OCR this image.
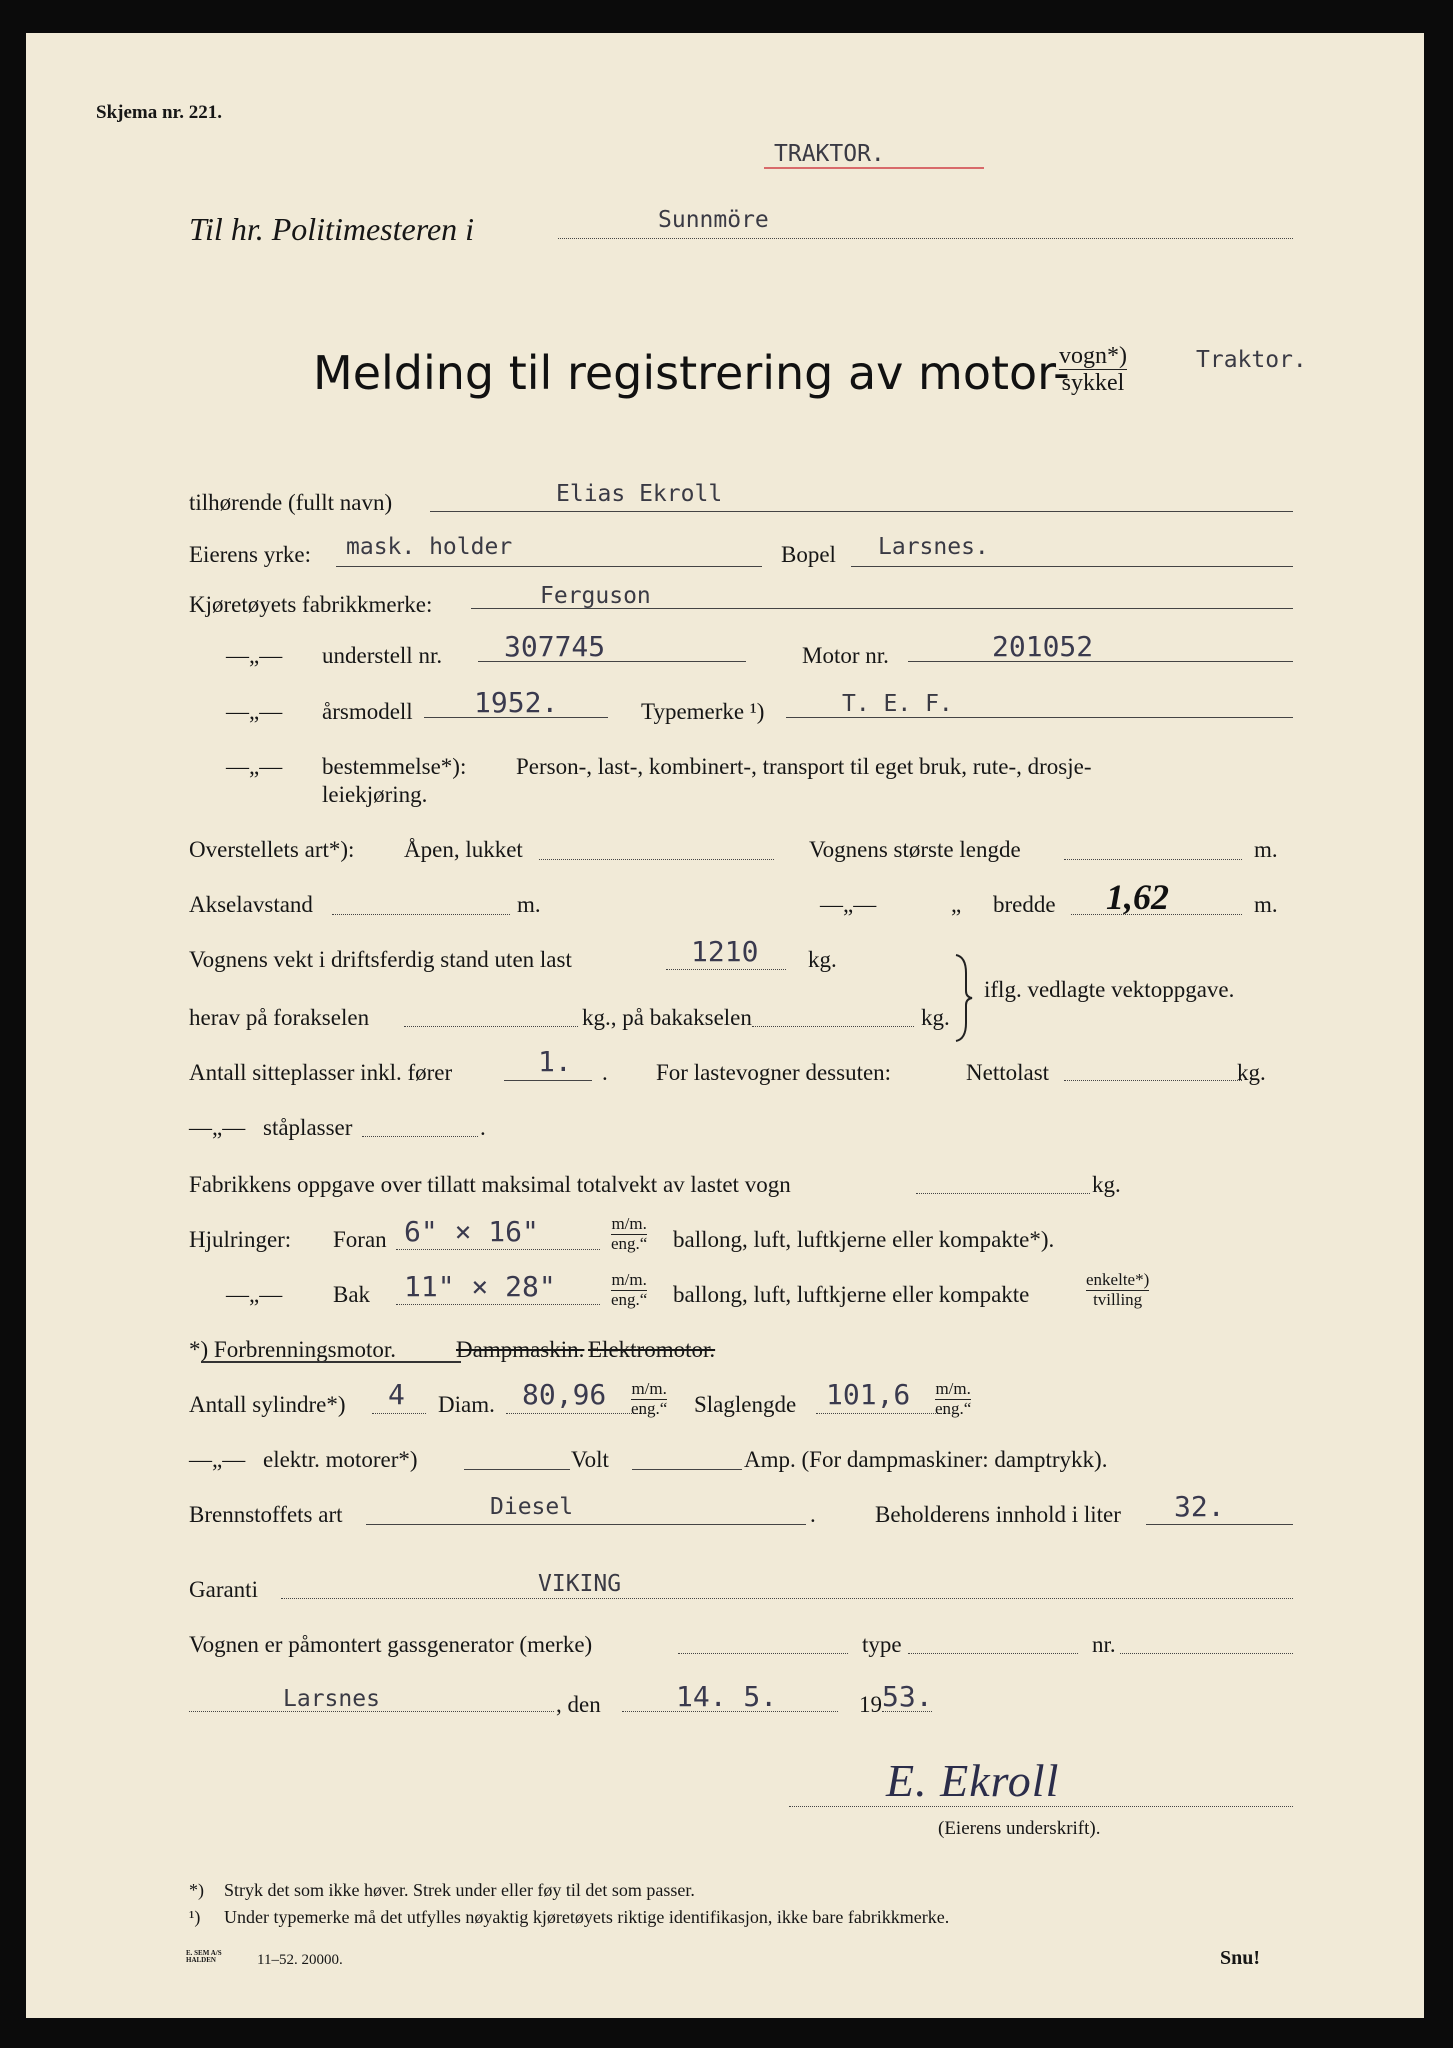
Skjema nr. 221.
TRAKTOR.
Til hr. Politimesteren i	Sunnmöre
Melding til registrering av motor-
vogn*)
sykkel
Traktor.
tilhørende (fullt navn)	Elias Ekroll
Eierens yrke: mask. holder	Bopel Larsnes.
Kjøretøyets fabrikkmerke:	Ferguson
—„— understell nr. 307745	Motor nr.	201052
—„— årsmodell 1952.	Typemerke ¹)	T. E. F.
—„— bestemmelse*): Person-, last-, kombinert-, transport til eget bruk, rute-, drosje-
leiekjøring.
Overstellets art*): Åpen, lukket	Vognens største lengde	m.
Akselavstand	m.	—„—	„ bredde 1,62	m.
Vognens vekt i driftsferdig stand uten last	1210 kg.
herav på forakselen	kg., på bakakselen	kg.
iflg. vedlagte vektoppgave.
Antall sitteplasser inkl. fører	1. . For lastevogner dessuten:	Nettolast	kg.
—„— ståplasser	.
Fabrikkens oppgave over tillatt maksimal totalvekt av lastet vogn	kg.
Hjulringer: Foran 6" × 16"	m/m.
eng.“ ballong, luft, luftkjerne eller kompakte*).
—„— Bak 11" × 28"	m/m.
eng.“ ballong, luft, luftkjerne eller kompakte
enkelte*)
tvilling
*) Forbrenningsmotor.	Dampmaskin. Elektromotor.
Antall sylindre*) 4 Diam. 80,96 m/m.
eng.“ Slaglengde 101,6 m/m.
eng.“
—„— elektr. motorer*)	Volt	Amp. (For dampmaskiner: damptrykk).
Brennstoffets art	Diesel	.	Beholderens innhold i liter 32.
Garanti	VIKING
Vognen er påmontert gassgenerator (merke)	type	nr.
Larsnes	, den	14. 5.	19 53.
E. Ekroll
(Eierens underskrift).
*) Stryk det som ikke høver. Strek under eller føy til det som passer.
¹) Under typemerke må det utfylles nøyaktig kjøretøyets riktige identifikasjon, ikke bare fabrikkmerke.
E. SEM A/S HALDEN	11–52. 20000.	Snu!
